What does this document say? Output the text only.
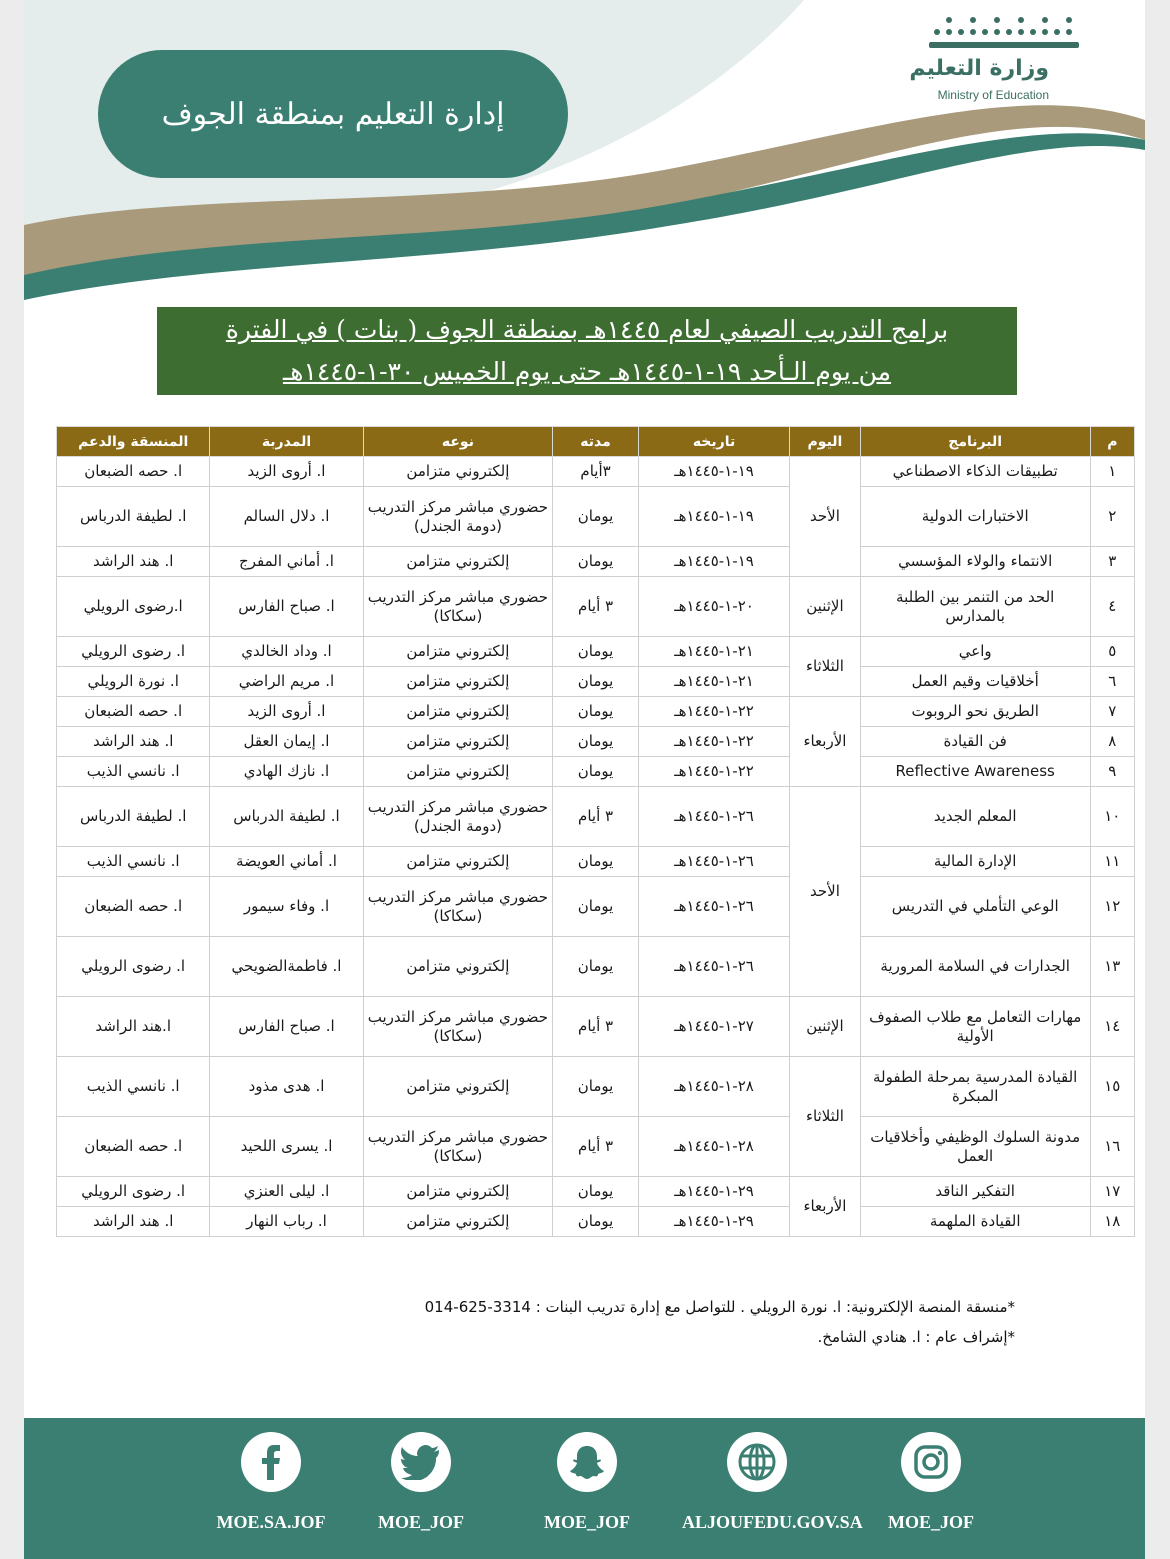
إدارة التعليم بمنطقة الجوف
وزارة التعليم
Ministry of Education
برامج التدريب الصيفي لعام ١٤٤٥هـ بمنطقة الجوف ( بنات ) في الفترة
من يوم الـأحد ١٩-١-١٤٤٥هـ حتى يوم الخميس ٣٠-١-١٤٤٥هـ
م	البرنامج	اليوم	تاريخه	مدته	نوعه	المدربة	المنسقة والدعم
١	تطبيقات الذكاء الاصطناعي	الأحد	١٩-١-١٤٤٥هـ	٣أيام	إلكتروني متزامن	ا. أروى الزيد	ا. حصه الضبعان
٢	الاختبارات الدولية		١٩-١-١٤٤٥هـ	يومان	حضوري مباشر مركز التدريب (دومة الجندل)	ا. دلال السالم	ا. لطيفة الدرباس
٣	الانتماء والولاء المؤسسي		١٩-١-١٤٤٥هـ	يومان	إلكتروني متزامن	ا. أماني المفرج	ا. هند الراشد
٤	الحد من التنمر بين الطلبة بالمدارس	الإثنين	٢٠-١-١٤٤٥هـ	٣ أيام	حضوري مباشر مركز التدريب (سكاكا)	ا. صباح الفارس	ا.رضوى الرويلي
٥	واعي	الثلاثاء	٢١-١-١٤٤٥هـ	يومان	إلكتروني متزامن	ا. وداد الخالدي	ا. رضوى الرويلي
٦	أخلاقيات وقيم العمل		٢١-١-١٤٤٥هـ	يومان	إلكتروني متزامن	ا. مريم الراضي	ا. نورة الرويلي
٧	الطريق نحو الروبوت	الأربعاء	٢٢-١-١٤٤٥هـ	يومان	إلكتروني متزامن	ا. أروى الزيد	ا. حصه الضبعان
٨	فن القيادة		٢٢-١-١٤٤٥هـ	يومان	إلكتروني متزامن	ا. إيمان العقل	ا. هند الراشد
٩	Reflective Awareness		٢٢-١-١٤٤٥هـ	يومان	إلكتروني متزامن	ا. نازك الهادي	ا. نانسي الذيب
١٠	المعلم الجديد	الأحد	٢٦-١-١٤٤٥هـ	٣ أيام	حضوري مباشر مركز التدريب (دومة الجندل)	ا. لطيفة الدرباس	ا. لطيفة الدرباس
١١	الإدارة المالية		٢٦-١-١٤٤٥هـ	يومان	إلكتروني متزامن	ا. أماني العويضة	ا. نانسي الذيب
١٢	الوعي التأملي في التدريس		٢٦-١-١٤٤٥هـ	يومان	حضوري مباشر مركز التدريب (سكاكا)	ا. وفاء سيمور	ا. حصه الضبعان
١٣	الجدارات في السلامة المرورية		٢٦-١-١٤٤٥هـ	يومان	إلكتروني متزامن	ا. فاطمةالضويحي	ا. رضوى الرويلي
١٤	مهارات التعامل مع طلاب الصفوف الأولية	الإثنين	٢٧-١-١٤٤٥هـ	٣ أيام	حضوري مباشر مركز التدريب (سكاكا)	ا. صباح الفارس	ا.هند الراشد
١٥	القيادة المدرسية بمرحلة الطفولة المبكرة	الثلاثاء	٢٨-١-١٤٤٥هـ	يومان	إلكتروني متزامن	ا. هدى مذود	ا. نانسي الذيب
١٦	مدونة السلوك الوظيفي وأخلاقيات العمل		٢٨-١-١٤٤٥هـ	٣ أيام	حضوري مباشر مركز التدريب (سكاكا)	ا. يسرى اللحيد	ا. حصه الضبعان
١٧	التفكير الناقد	الأربعاء	٢٩-١-١٤٤٥هـ	يومان	إلكتروني متزامن	ا. ليلى العنزي	ا. رضوى الرويلي
١٨	القيادة الملهمة		٢٩-١-١٤٤٥هـ	يومان	إلكتروني متزامن	ا. رباب النهار	ا. هند الراشد
*منسقة المنصة الإلكترونية: ا. نورة الرويلي . للتواصل مع إدارة تدريب البنات : 3314-625-014
*إشراف عام : ا. هنادي الشامخ.
MOE.SA.JOF	MOE_JOF	MOE_JOF	ALJOUFEDU.GOV.SA	MOE_JOF
